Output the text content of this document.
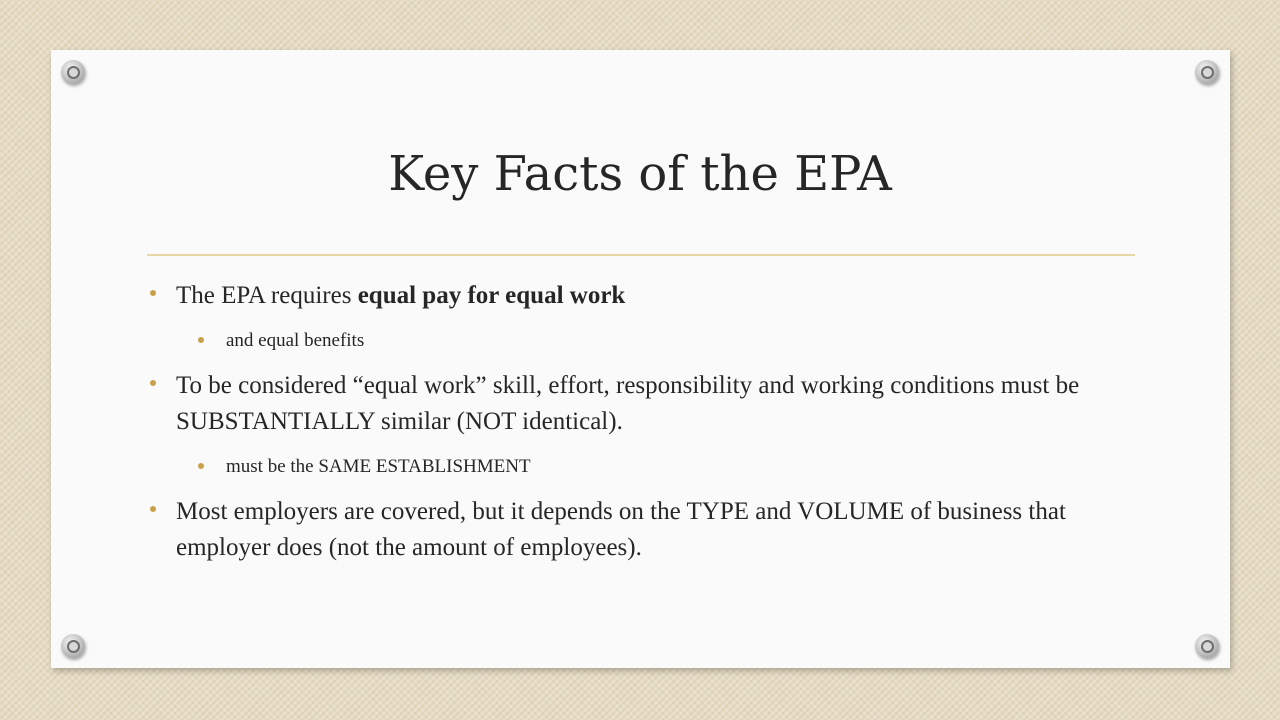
Key Facts of the EPA
The EPA requires equal pay for equal work
and equal benefits
To be considered “equal work” skill, effort, responsibility and working conditions must be SUBSTANTIALLY similar (NOT identical).
must be the SAME ESTABLISHMENT
Most employers are covered, but it depends on the TYPE and VOLUME of business that employer does (not the amount of employees).
